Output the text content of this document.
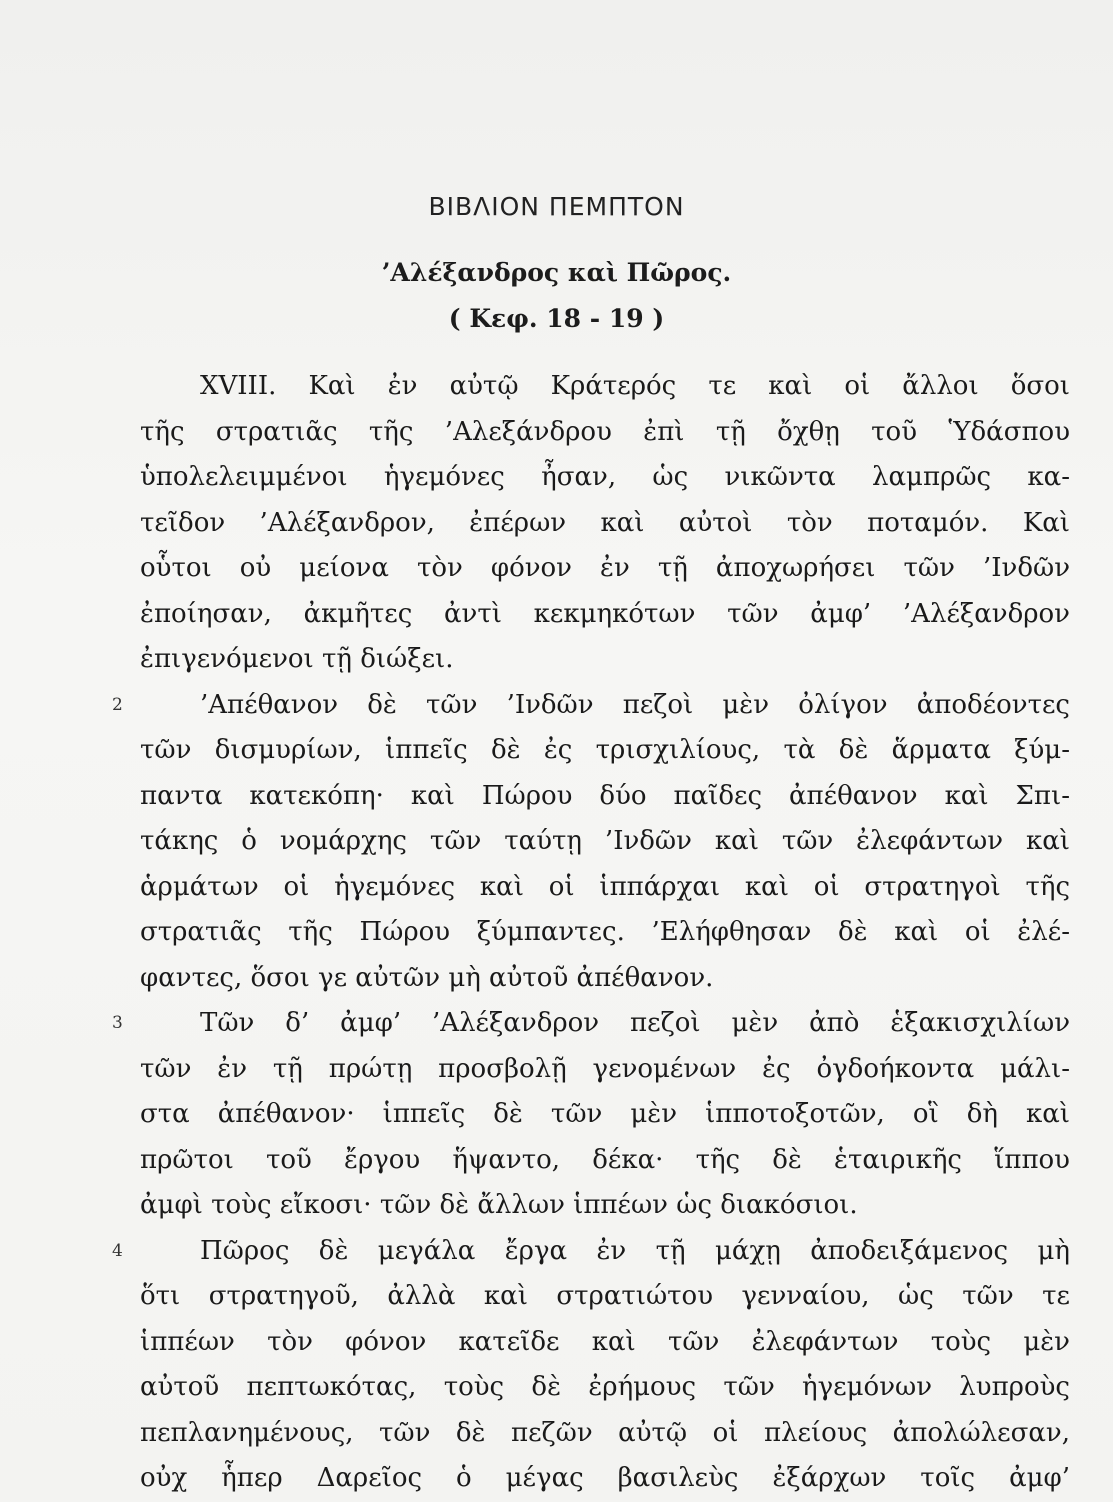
ΒΙΒΛΙΟΝ ΠΕΜΠΤΟΝ
’Αλέξανδρος καὶ Πῶρος.
( Κεφ. 18 - 19 )
XVIII. Καὶ ἐν αὐτῷ Κράτερός τε καὶ οἱ ἄλλοι ὅσοι
τῆς στρατιᾶς τῆς ’Αλεξάνδρου ἐπὶ τῇ ὄχθῃ τοῦ Ὑδάσπου
ὑπολελειμμένοι ἡγεμόνες ἦσαν, ὡς νικῶντα λαμπρῶς κα-
τεῖδον ’Αλέξανδρον, ἐπέρων καὶ αὐτοὶ τὸν ποταμόν. Καὶ
οὗτοι οὐ μείονα τὸν φόνον ἐν τῇ ἀποχωρήσει τῶν ’Ινδῶν
ἐποίησαν, ἀκμῆτες ἀντὶ κεκμηκότων τῶν ἀμφ’ ’Αλέξανδρον
ἐπιγενόμενοι τῇ διώξει.
2	’Απέθανον δὲ τῶν ’Ινδῶν πεζοὶ μὲν ὀλίγον ἀποδέοντες
τῶν δισμυρίων, ἱππεῖς δὲ ἐς τρισχιλίους, τὰ δὲ ἅρματα ξύμ-
παντα κατεκόπη· καὶ Πώρου δύο παῖδες ἀπέθανον καὶ Σπι-
τάκης ὁ νομάρχης τῶν ταύτῃ ’Ινδῶν καὶ τῶν ἐλεφάντων καὶ
ἁρμάτων οἱ ἡγεμόνες καὶ οἱ ἱππάρχαι καὶ οἱ στρατηγοὶ τῆς
στρατιᾶς τῆς Πώρου ξύμπαντες. ’Ελήφθησαν δὲ καὶ οἱ ἐλέ-
φαντες, ὅσοι γε αὐτῶν μὴ αὐτοῦ ἀπέθανον.
3	Τῶν δ’ ἀμφ’ ’Αλέξανδρον πεζοὶ μὲν ἀπὸ ἑξακισχιλίων
τῶν ἐν τῇ πρώτῃ προσβολῇ γενομένων ἐς ὀγδοήκοντα μάλι-
στα ἀπέθανον· ἱππεῖς δὲ τῶν μὲν ἱπποτοξοτῶν, οἳ δὴ καὶ
πρῶτοι τοῦ ἔργου ἥψαντο, δέκα· τῆς δὲ ἑταιρικῆς ἵππου
ἀμφὶ τοὺς εἴκοσι· τῶν δὲ ἄλλων ἱππέων ὡς διακόσιοι.
4	Πῶρος δὲ μεγάλα ἔργα ἐν τῇ μάχῃ ἀποδειξάμενος μὴ
ὅτι στρατηγοῦ, ἀλλὰ καὶ στρατιώτου γενναίου, ὡς τῶν τε
ἱππέων τὸν φόνον κατεῖδε καὶ τῶν ἐλεφάντων τοὺς μὲν
αὐτοῦ πεπτωκότας, τοὺς δὲ ἐρήμους τῶν ἡγεμόνων λυπροὺς
πεπλανημένους, τῶν δὲ πεζῶν αὐτῷ οἱ πλείους ἀπολώλεσαν,
οὐχ ἧπερ Δαρεῖος ὁ μέγας βασιλεὺς ἐξάρχων τοῖς ἀμφ’
